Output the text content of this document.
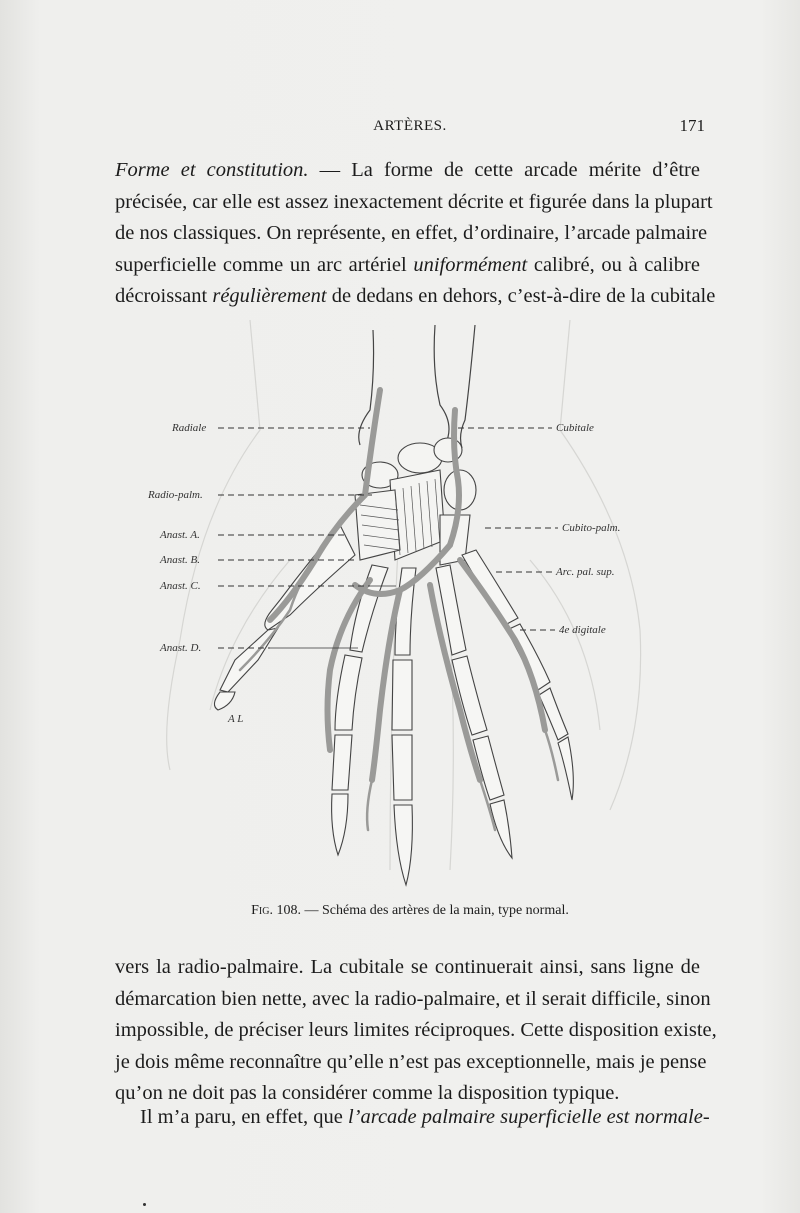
ARTÈRES.	171
Forme et constitution. — La forme de cette arcade mérite d’être
précisée, car elle est assez inexactement décrite et figurée dans la plupart
de nos classiques. On représente, en effet, d’ordinaire, l’arcade palmaire
superficielle comme un arc artériel uniformément calibré, ou à calibre
décroissant régulièrement de dedans en dehors, c’est-à-dire de la cubitale
Radiale
Radio-palm.
Anast. A.
Anast. B.
Anast. C.
Anast. D.
Cubitale
Cubito-palm.
Arc. pal. sup.
4e digitale
A L
Fig. 108. — Schéma des artères de la main, type normal.
vers la radio-palmaire. La cubitale se continuerait ainsi, sans ligne de
démarcation bien nette, avec la radio-palmaire, et il serait difficile, sinon
impossible, de préciser leurs limites réciproques. Cette disposition existe,
je dois même reconnaître qu’elle n’est pas exceptionnelle, mais je pense
qu’on ne doit pas la considérer comme la disposition typique.
Il m’a paru, en effet, que l’arcade palmaire superficielle est normale-
